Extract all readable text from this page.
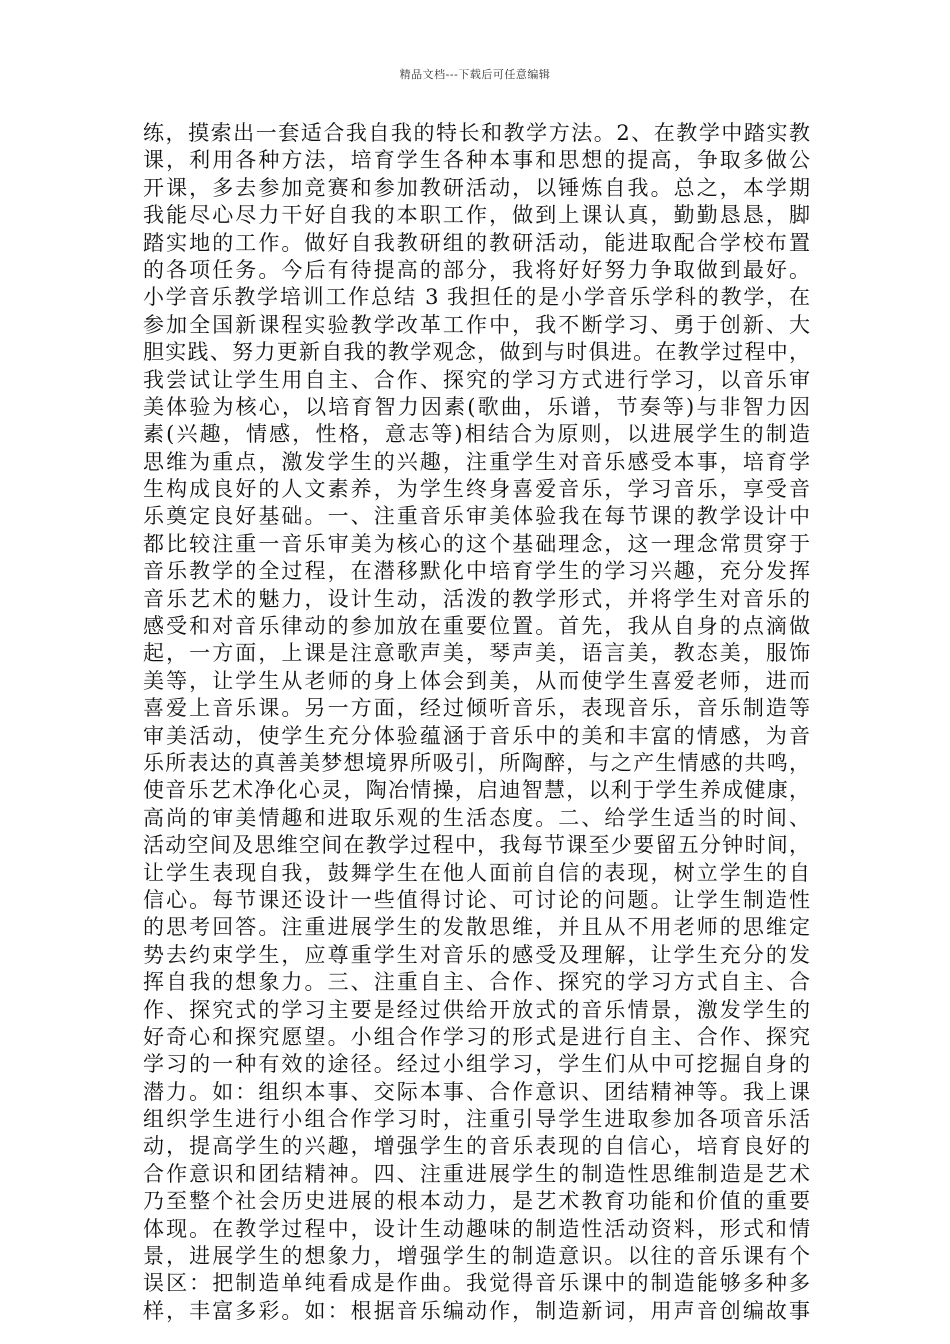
精品文档---下载后可任意编辑
练，摸索出一套适合我自我的特长和教学方法。2、在教学中踏实教
课，利用各种方法，培育学生各种本事和思想的提高，争取多做公
开课，多去参加竞赛和参加教研活动，以锤炼自我。总之，本学期
我能尽心尽力干好自我的本职工作，做到上课认真，勤勤恳恳，脚
踏实地的工作。做好自我教研组的教研活动，能进取配合学校布置
的各项任务。今后有待提高的部分，我将好好努力争取做到最好。
小学音乐教学培训工作总结 3 我担任的是小学音乐学科的教学，在
参加全国新课程实验教学改革工作中，我不断学习、勇于创新、大
胆实践、努力更新自我的教学观念，做到与时俱进。在教学过程中，
我尝试让学生用自主、合作、探究的学习方式进行学习，以音乐审
美体验为核心，以培育智力因素(歌曲，乐谱，节奏等)与非智力因
素(兴趣，情感，性格，意志等)相结合为原则，以进展学生的制造
思维为重点，激发学生的兴趣，注重学生对音乐感受本事，培育学
生构成良好的人文素养，为学生终身喜爱音乐，学习音乐，享受音
乐奠定良好基础。一、注重音乐审美体验我在每节课的教学设计中
都比较注重一音乐审美为核心的这个基础理念，这一理念常贯穿于
音乐教学的全过程，在潜移默化中培育学生的学习兴趣，充分发挥
音乐艺术的魅力，设计生动，活泼的教学形式，并将学生对音乐的
感受和对音乐律动的参加放在重要位置。首先，我从自身的点滴做
起，一方面，上课是注意歌声美，琴声美，语言美，教态美，服饰
美等，让学生从老师的身上体会到美，从而使学生喜爱老师，进而
喜爱上音乐课。另一方面，经过倾听音乐，表现音乐，音乐制造等
审美活动，使学生充分体验蕴涵于音乐中的美和丰富的情感，为音
乐所表达的真善美梦想境界所吸引，所陶醉，与之产生情感的共鸣，
使音乐艺术净化心灵，陶冶情操，启迪智慧，以利于学生养成健康，
高尚的审美情趣和进取乐观的生活态度。二、给学生适当的时间、
活动空间及思维空间在教学过程中，我每节课至少要留五分钟时间，
让学生表现自我，鼓舞学生在他人面前自信的表现，树立学生的自
信心。每节课还设计一些值得讨论、可讨论的问题。让学生制造性
的思考回答。注重进展学生的发散思维，并且从不用老师的思维定
势去约束学生，应尊重学生对音乐的感受及理解，让学生充分的发
挥自我的想象力。三、注重自主、合作、探究的学习方式自主、合
作、探究式的学习主要是经过供给开放式的音乐情景，激发学生的
好奇心和探究愿望。小组合作学习的形式是进行自主、合作、探究
学习的一种有效的途径。经过小组学习，学生们从中可挖掘自身的
潜力。如：组织本事、交际本事、合作意识、团结精神等。我上课
组织学生进行小组合作学习时，注重引导学生进取参加各项音乐活
动，提高学生的兴趣，增强学生的音乐表现的自信心，培育良好的
合作意识和团结精神。四、注重进展学生的制造性思维制造是艺术
乃至整个社会历史进展的根本动力，是艺术教育功能和价值的重要
体现。在教学过程中，设计生动趣味的制造性活动资料，形式和情
景，进展学生的想象力，增强学生的制造意识。以往的音乐课有个
误区：把制造单纯看成是作曲。我觉得音乐课中的制造能够多种多
样，丰富多彩。如：根据音乐编动作，制造新词，用声音创编故事
